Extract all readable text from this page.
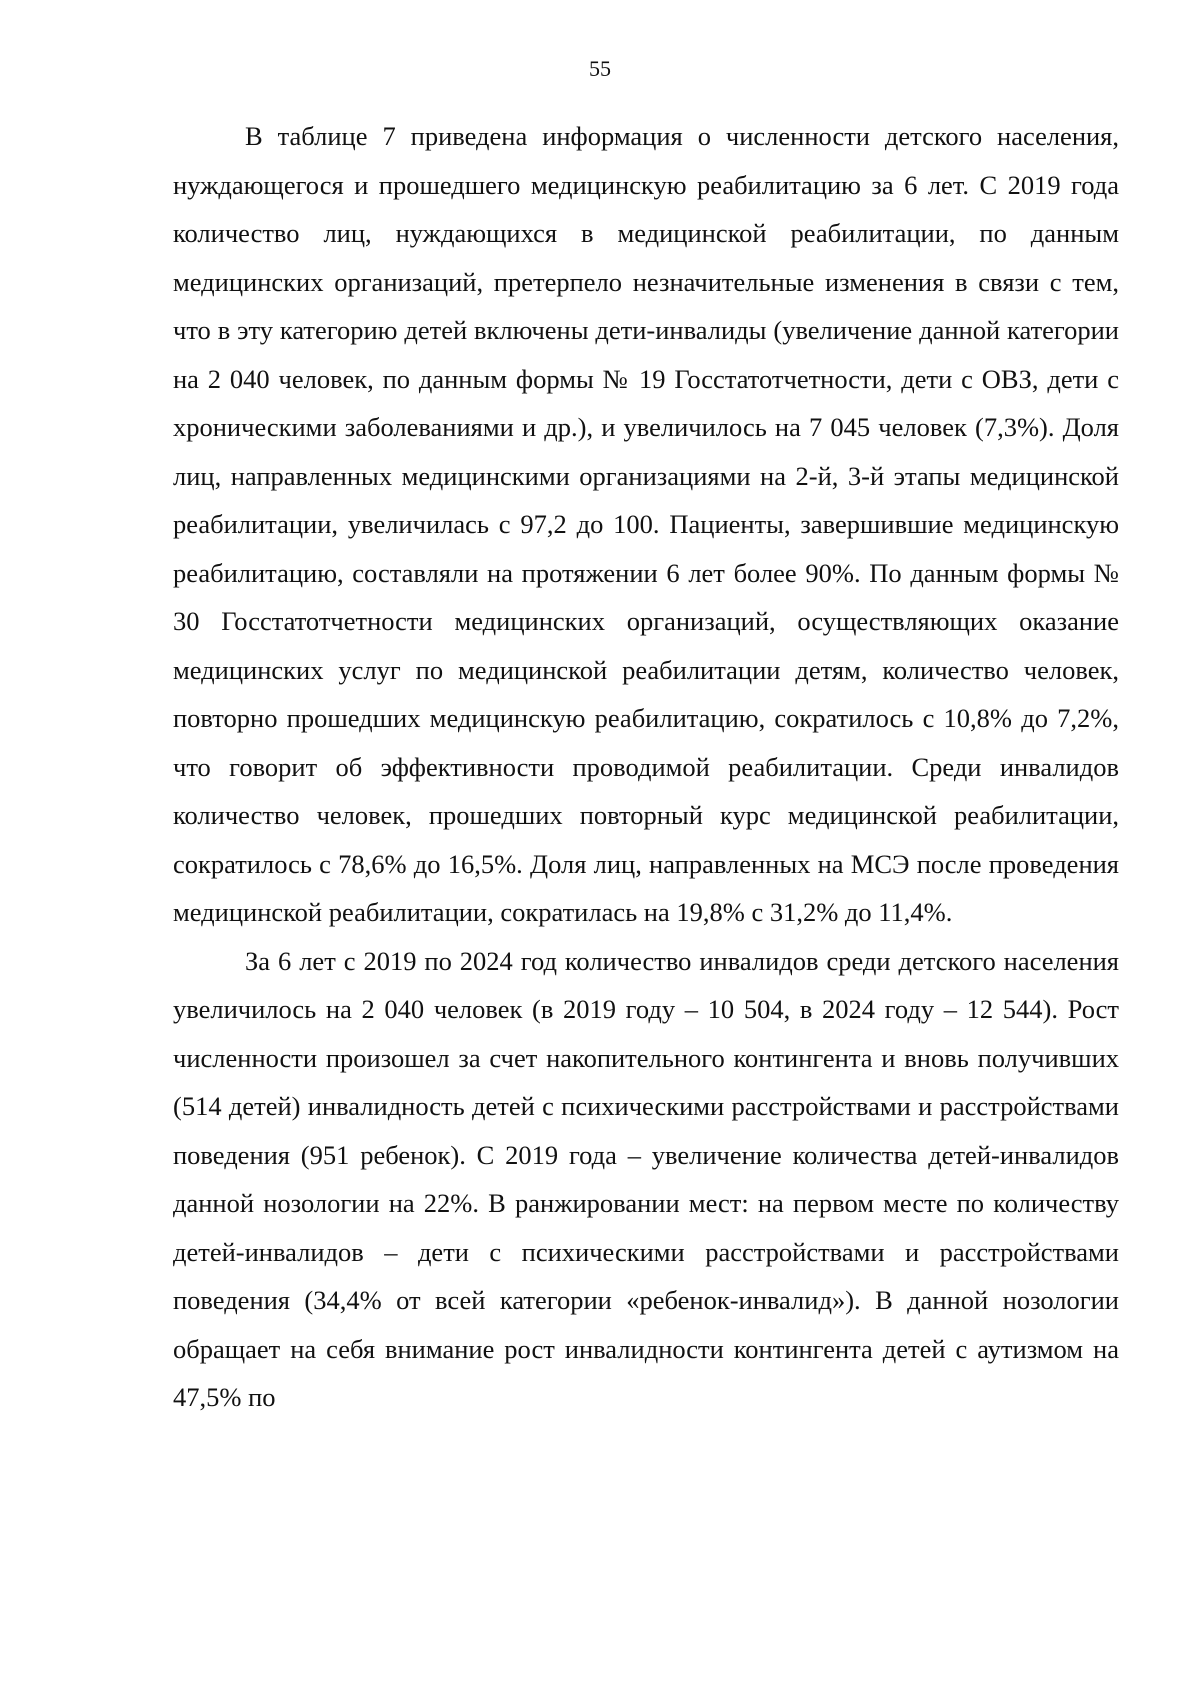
55

В таблице 7 приведена информация о численности детского населения, нуждающегося и прошедшего медицинскую реабилитацию за 6 лет. С 2019 года количество лиц, нуждающихся в медицинской реабилитации, по данным медицинских организаций, претерпело незначительные изменения в связи с тем, что в эту категорию детей включены дети-инвалиды (увеличение данной категории на 2 040 человек, по данным формы № 19 Госстатотчетности, дети с ОВЗ, дети с хроническими заболеваниями и др.), и увеличилось на 7 045 человек (7,3%). Доля лиц, направленных медицинскими организациями на 2-й, 3-й этапы медицинской реабилитации, увеличилась с 97,2 до 100. Пациенты, завершившие медицинскую реабилитацию, составляли на протяжении 6 лет более 90%. По данным формы № 30 Госстатотчетности медицинских организаций, осуществляющих оказание медицинских услуг по медицинской реабилитации детям, количество человек, повторно прошедших медицинскую реабилитацию, сократилось с 10,8% до 7,2%, что говорит об эффективности проводимой реабилитации. Среди инвалидов количество человек, прошедших повторный курс медицинской реабилитации, сократилось с 78,6% до 16,5%. Доля лиц, направленных на МСЭ после проведения медицинской реабилитации, сократилась на 19,8% с 31,2% до 11,4%.

За 6 лет с 2019 по 2024 год количество инвалидов среди детского населения увеличилось на 2 040 человек (в 2019 году – 10 504, в 2024 году – 12 544). Рост численности произошел за счет накопительного контингента и вновь получивших (514 детей) инвалидность детей с психическими расстройствами и расстройствами поведения (951 ребенок). С 2019 года – увеличение количества детей-инвалидов данной нозологии на 22%. В ранжировании мест: на первом месте по количеству детей-инвалидов – дети с психическими расстройствами и расстройствами поведения (34,4% от всей категории «ребенок-инвалид»). В данной нозологии обращает на себя внимание рост инвалидности контингента детей с аутизмом на 47,5% по
